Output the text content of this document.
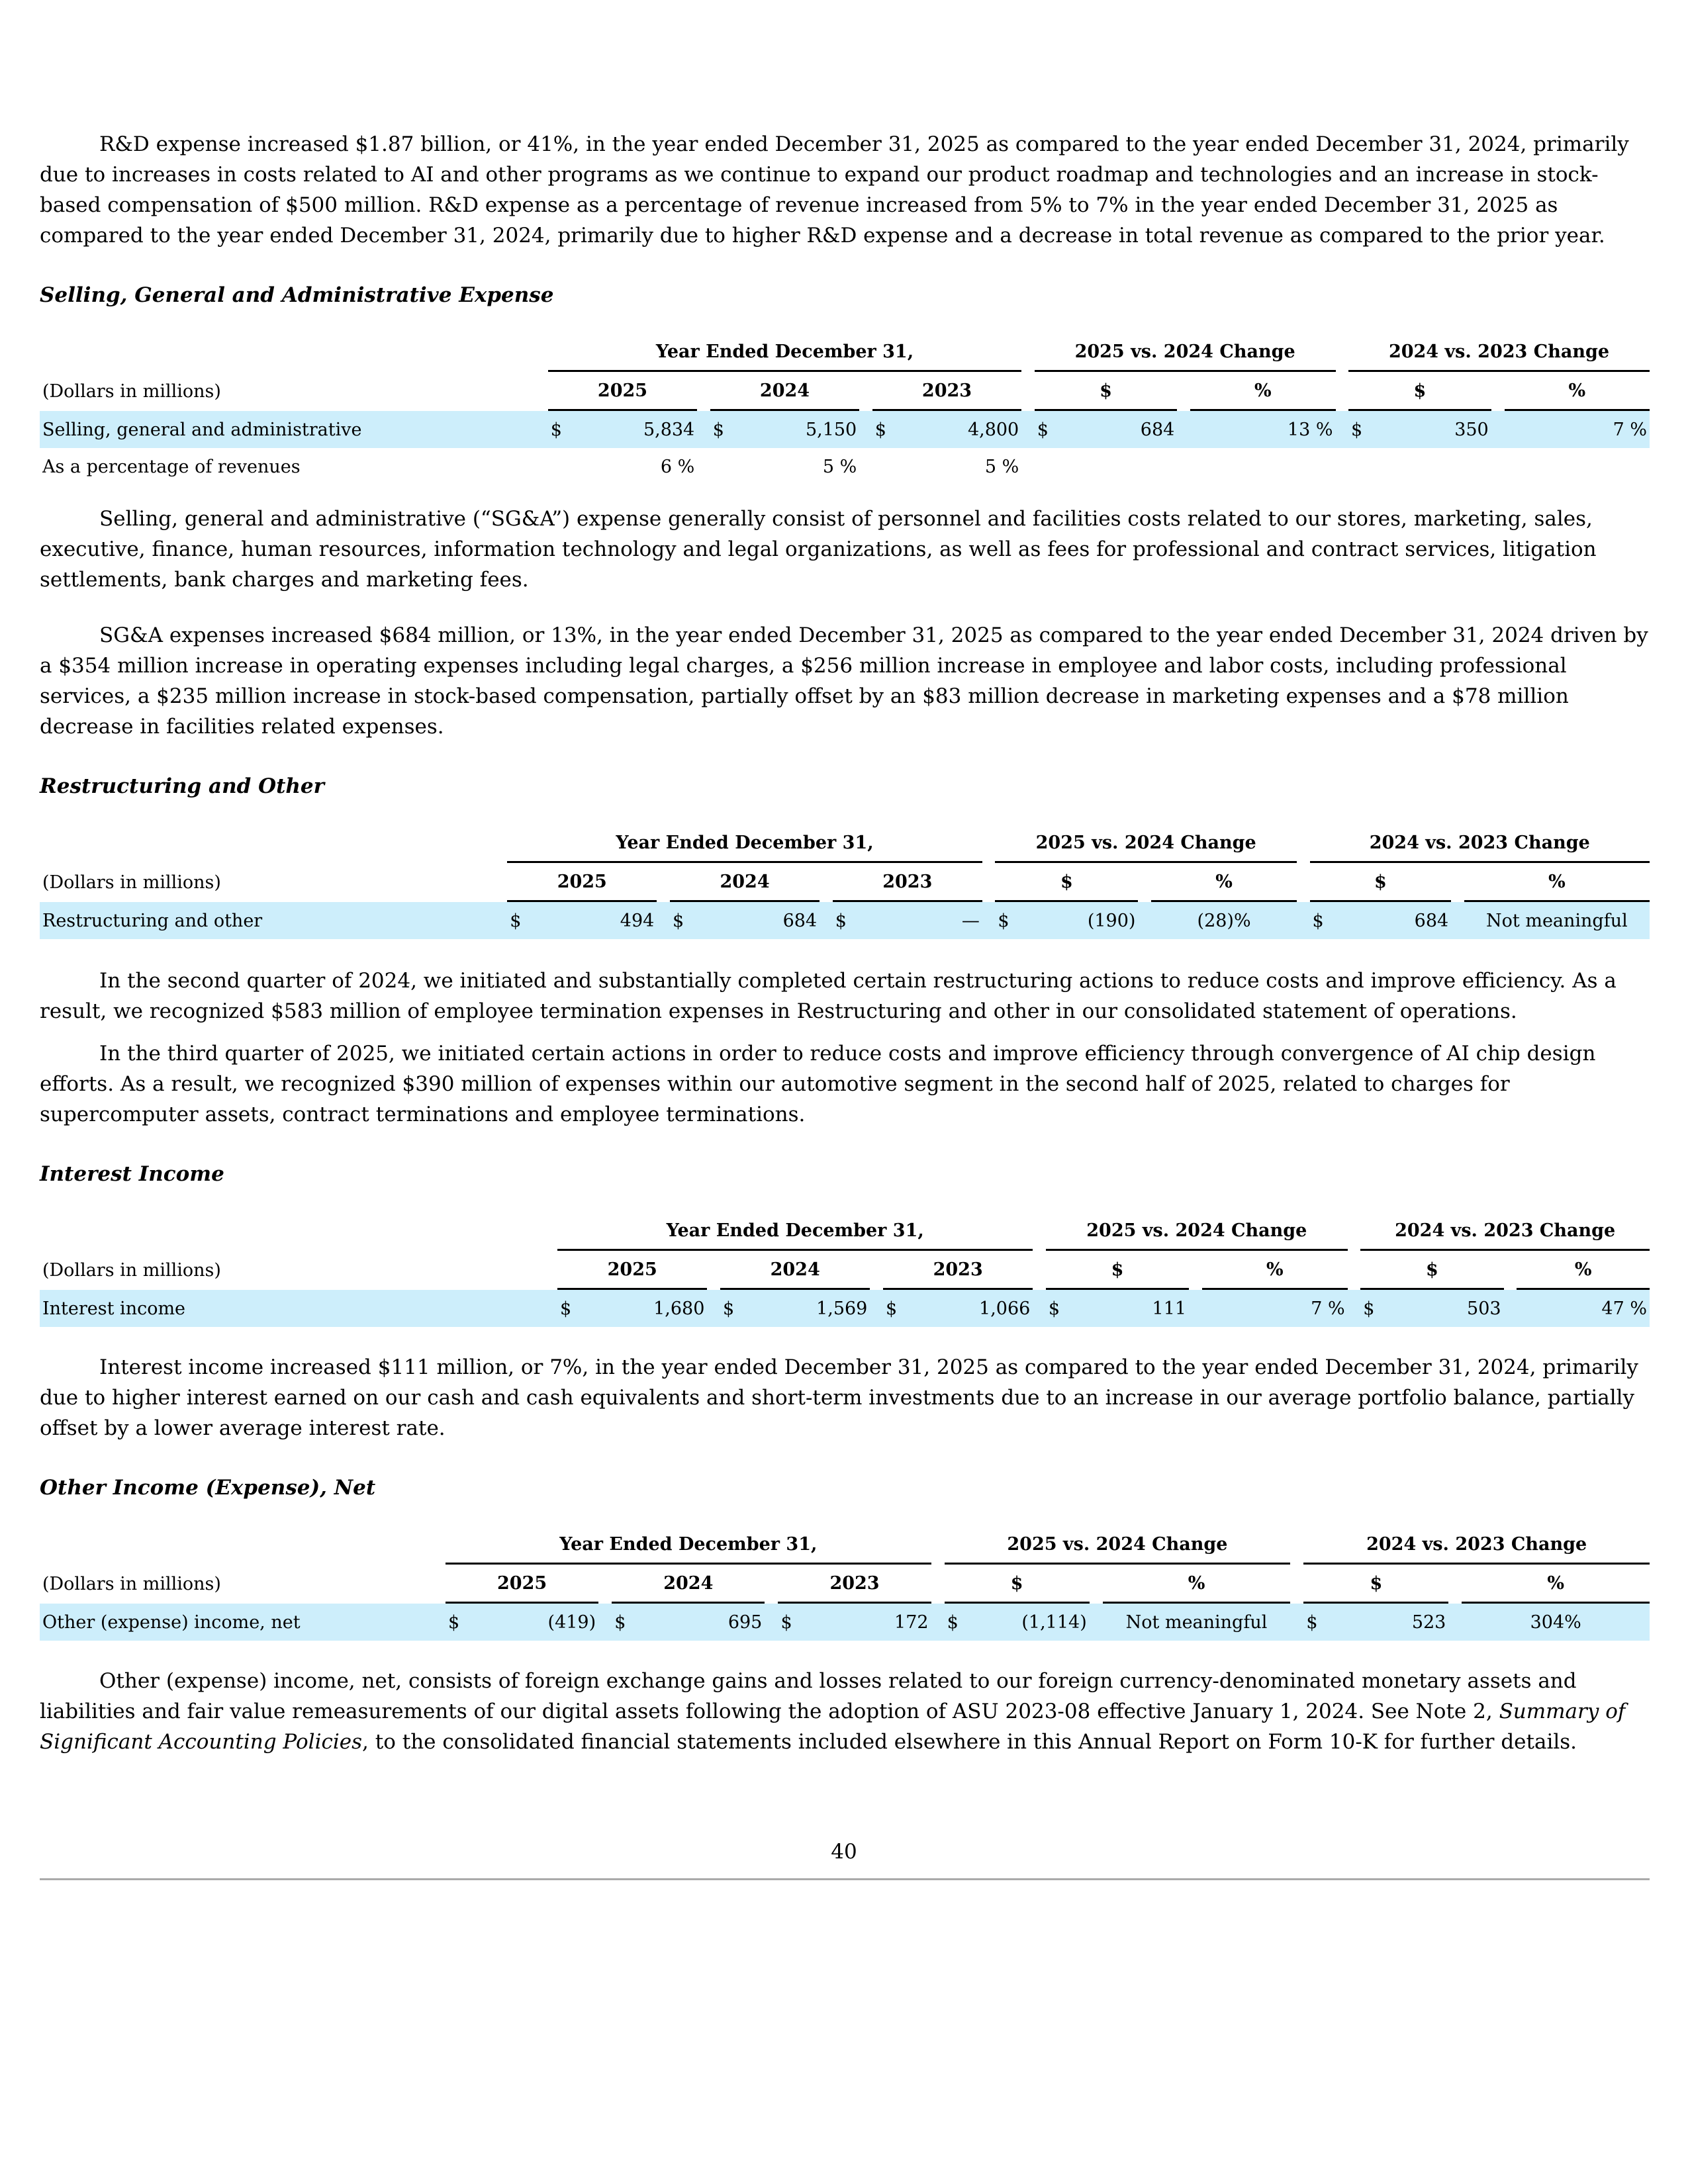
R&D expense increased $1.87 billion, or 41%, in the year ended December 31, 2025 as compared to the year ended December 31, 2024, primarily due to increases in costs related to AI and other programs as we continue to expand our product roadmap and technologies and an increase in stock-based compensation of $500 million. R&D expense as a percentage of revenue increased from 5% to 7% in the year ended December 31, 2025 as compared to the year ended December 31, 2024, primarily due to higher R&D expense and a decrease in total revenue as compared to the prior year.

Selling, General and Administrative Expense
		Year Ended December 31,									2025 vs. 2024 Change					2024 vs. 2023 Change			
(Dollars in millions)		2025			2024			2023			$			%		$			%
Selling, general and administrative		$	5,834		$	5,150		$	4,800		$	684		13 %		$	350		7 %
As a percentage of revenues			6 %			5 %			5 %										

Selling, general and administrative (“SG&A”) expense generally consist of personnel and facilities costs related to our stores, marketing, sales, executive, finance, human resources, information technology and legal organizations, as well as fees for professional and contract services, litigation settlements, bank charges and marketing fees.

SG&A expenses increased $684 million, or 13%, in the year ended December 31, 2025 as compared to the year ended December 31, 2024 driven by a $354 million increase in operating expenses including legal charges, a $256 million increase in employee and labor costs, including professional services, a $235 million increase in stock-based compensation, partially offset by an $83 million decrease in marketing expenses and a $78 million decrease in facilities related expenses.

Restructuring and Other
		Year Ended December 31,									2025 vs. 2024 Change					2024 vs. 2023 Change			
(Dollars in millions)		2025			2024			2023			$			%		$			%
Restructuring and other		$	494		$	684		$	—		$	(190)		(28)%		$	684		Not meaningful

In the second quarter of 2024, we initiated and substantially completed certain restructuring actions to reduce costs and improve efficiency. As a result, we recognized $583 million of employee termination expenses in Restructuring and other in our consolidated statement of operations.

In the third quarter of 2025, we initiated certain actions in order to reduce costs and improve efficiency through convergence of AI chip design efforts. As a result, we recognized $390 million of expenses within our automotive segment in the second half of 2025, related to charges for supercomputer assets, contract terminations and employee terminations.

Interest Income
		Year Ended December 31,									2025 vs. 2024 Change					2024 vs. 2023 Change			
(Dollars in millions)		2025			2024			2023			$			%		$			%
Interest income		$	1,680		$	1,569		$	1,066		$	111		7 %		$	503		47 %

Interest income increased $111 million, or 7%, in the year ended December 31, 2025 as compared to the year ended December 31, 2024, primarily due to higher interest earned on our cash and cash equivalents and short-term investments due to an increase in our average portfolio balance, partially offset by a lower average interest rate.

Other Income (Expense), Net
		Year Ended December 31,									2025 vs. 2024 Change					2024 vs. 2023 Change			
(Dollars in millions)		2025			2024			2023			$			%		$			%
Other (expense) income, net		$	(419)		$	695		$	172		$	(1,114)		Not meaningful		$	523		304%

Other (expense) income, net, consists of foreign exchange gains and losses related to our foreign currency-denominated monetary assets and liabilities and fair value remeasurements of our digital assets following the adoption of ASU 2023-08 effective January 1, 2024. See Note 2, Summary of Significant Accounting Policies, to the consolidated financial statements included elsewhere in this Annual Report on Form 10-K for further details.

40
